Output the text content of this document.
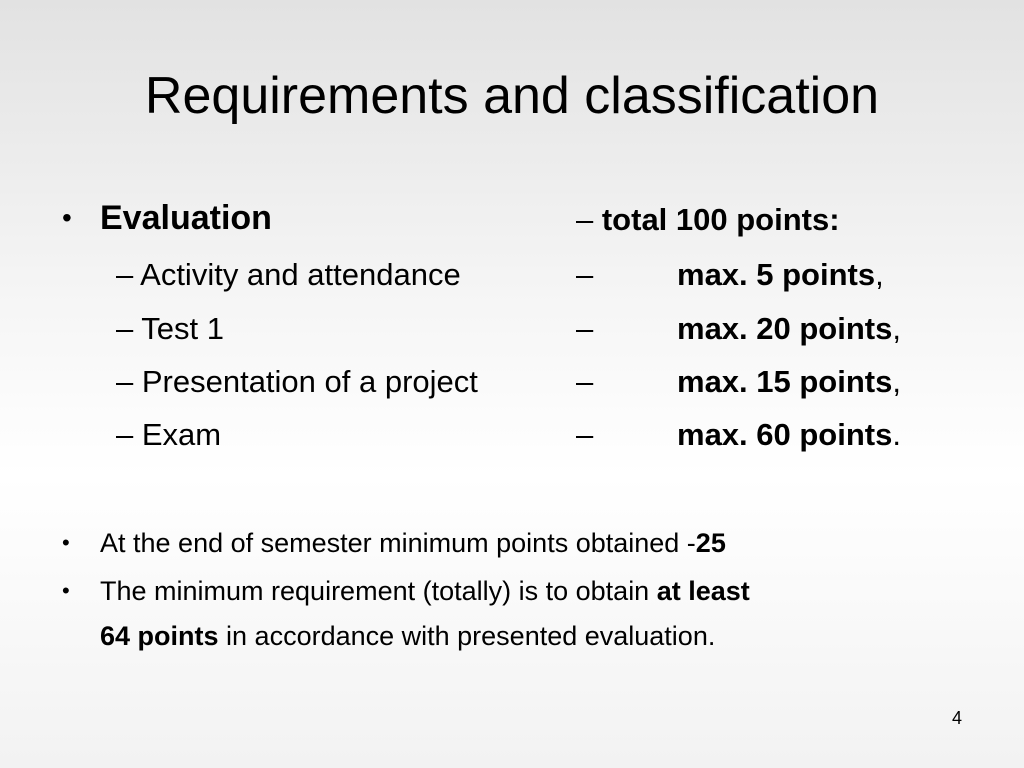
Requirements and classification
• Evaluation	– total 100 points:
– Activity and attendance	–	max. 5 points,
– Test 1	–	max. 20 points,
– Presentation of a project	–	max. 15 points,
– Exam	–	max. 60 points.
• At the end of semester minimum points obtained -25
• The minimum requirement (totally) is to obtain at least
64 points in accordance with presented evaluation.
4
